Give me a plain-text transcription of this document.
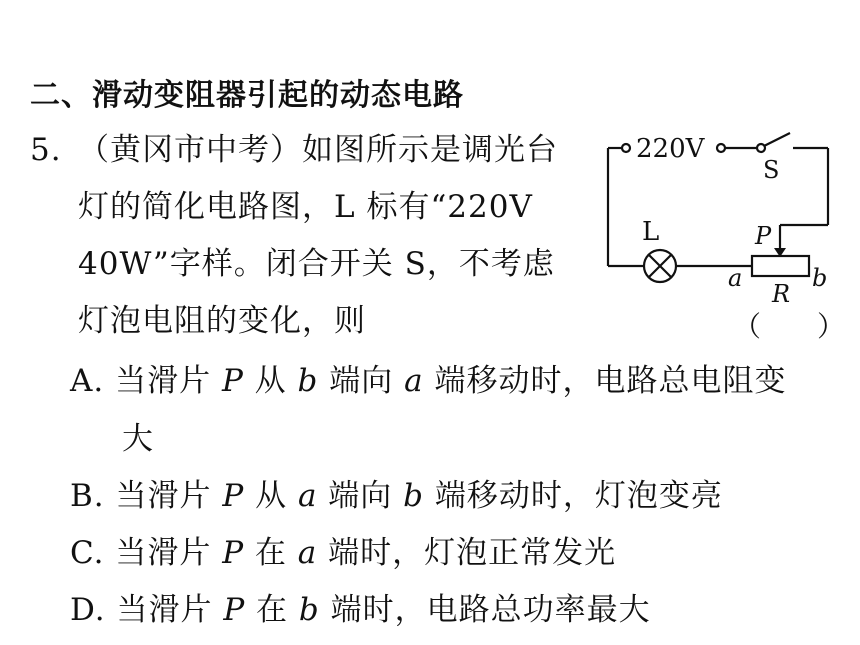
二、滑动变阻器引起的动态电路
5. （黄冈市中考）如图所示是调光台
灯的简化电路图，L 标有“220V
40W”字样。闭合开关 S，不考虑
灯泡电阻的变化，则	（　　）
220V
S
L	P
a	b
R
A. 当滑片 P 从 b 端向 a 端移动时，电路总电阻变
大
B. 当滑片 P 从 a 端向 b 端移动时，灯泡变亮
C. 当滑片 P 在 a 端时，灯泡正常发光
D. 当滑片 P 在 b 端时，电路总功率最大
